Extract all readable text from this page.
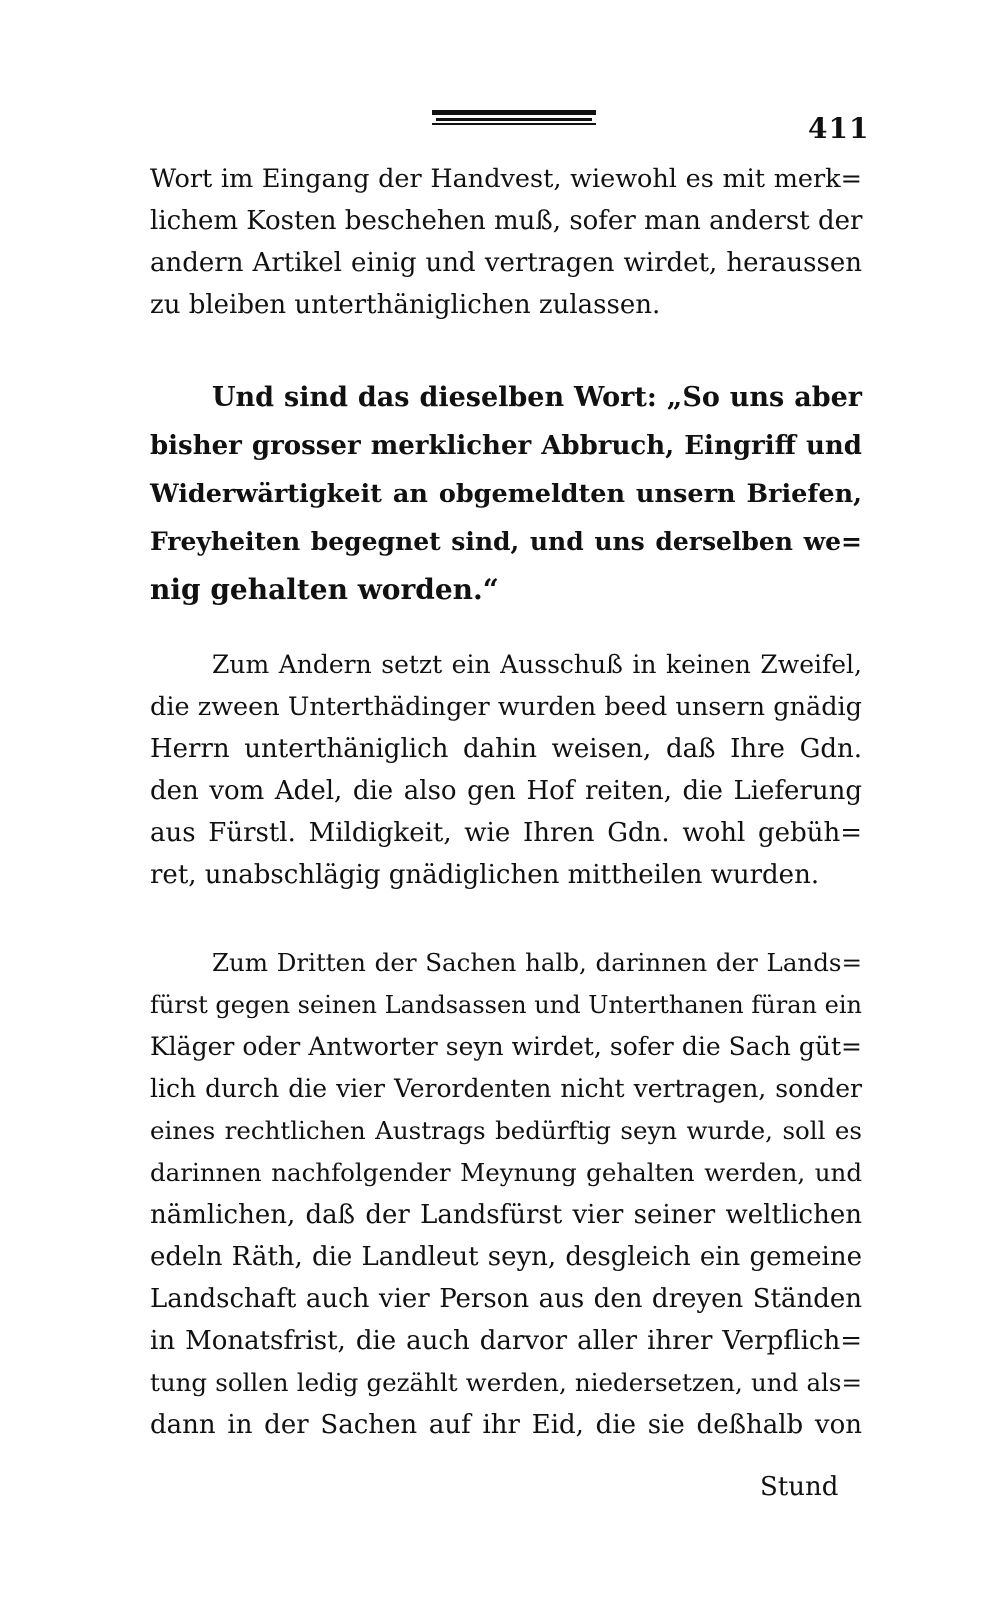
411
Wort im Eingang der Handvest, wiewohl es mit merk=
lichem Kosten beschehen muß, sofer man anderst der
andern Artikel einig und vertragen wirdet, heraussen
zu bleiben unterthäniglichen zulassen.
Und sind das dieselben Wort: „So uns aber
bisher grosser merklicher Abbruch, Eingriff und
Widerwärtigkeit an obgemeldten unsern Briefen,
Freyheiten begegnet sind, und uns derselben we=
nig gehalten worden.“
Zum Andern setzt ein Ausschuß in keinen Zweifel,
die zween Unterthädinger wurden beed unsern gnädig
Herrn unterthäniglich dahin weisen, daß Ihre Gdn.
den vom Adel, die also gen Hof reiten, die Lieferung
aus Fürstl. Mildigkeit, wie Ihren Gdn. wohl gebüh=
ret, unabschlägig gnädiglichen mittheilen wurden.
Zum Dritten der Sachen halb, darinnen der Lands=
fürst gegen seinen Landsassen und Unterthanen füran ein
Kläger oder Antworter seyn wirdet, sofer die Sach güt=
lich durch die vier Verordenten nicht vertragen, sonder
eines rechtlichen Austrags bedürftig seyn wurde, soll es
darinnen nachfolgender Meynung gehalten werden, und
nämlichen, daß der Landsfürst vier seiner weltlichen
edeln Räth, die Landleut seyn, desgleich ein gemeine
Landschaft auch vier Person aus den dreyen Ständen
in Monatsfrist, die auch darvor aller ihrer Verpflich=
tung sollen ledig gezählt werden, niedersetzen, und als=
dann in der Sachen auf ihr Eid, die sie deßhalb von
Stund
